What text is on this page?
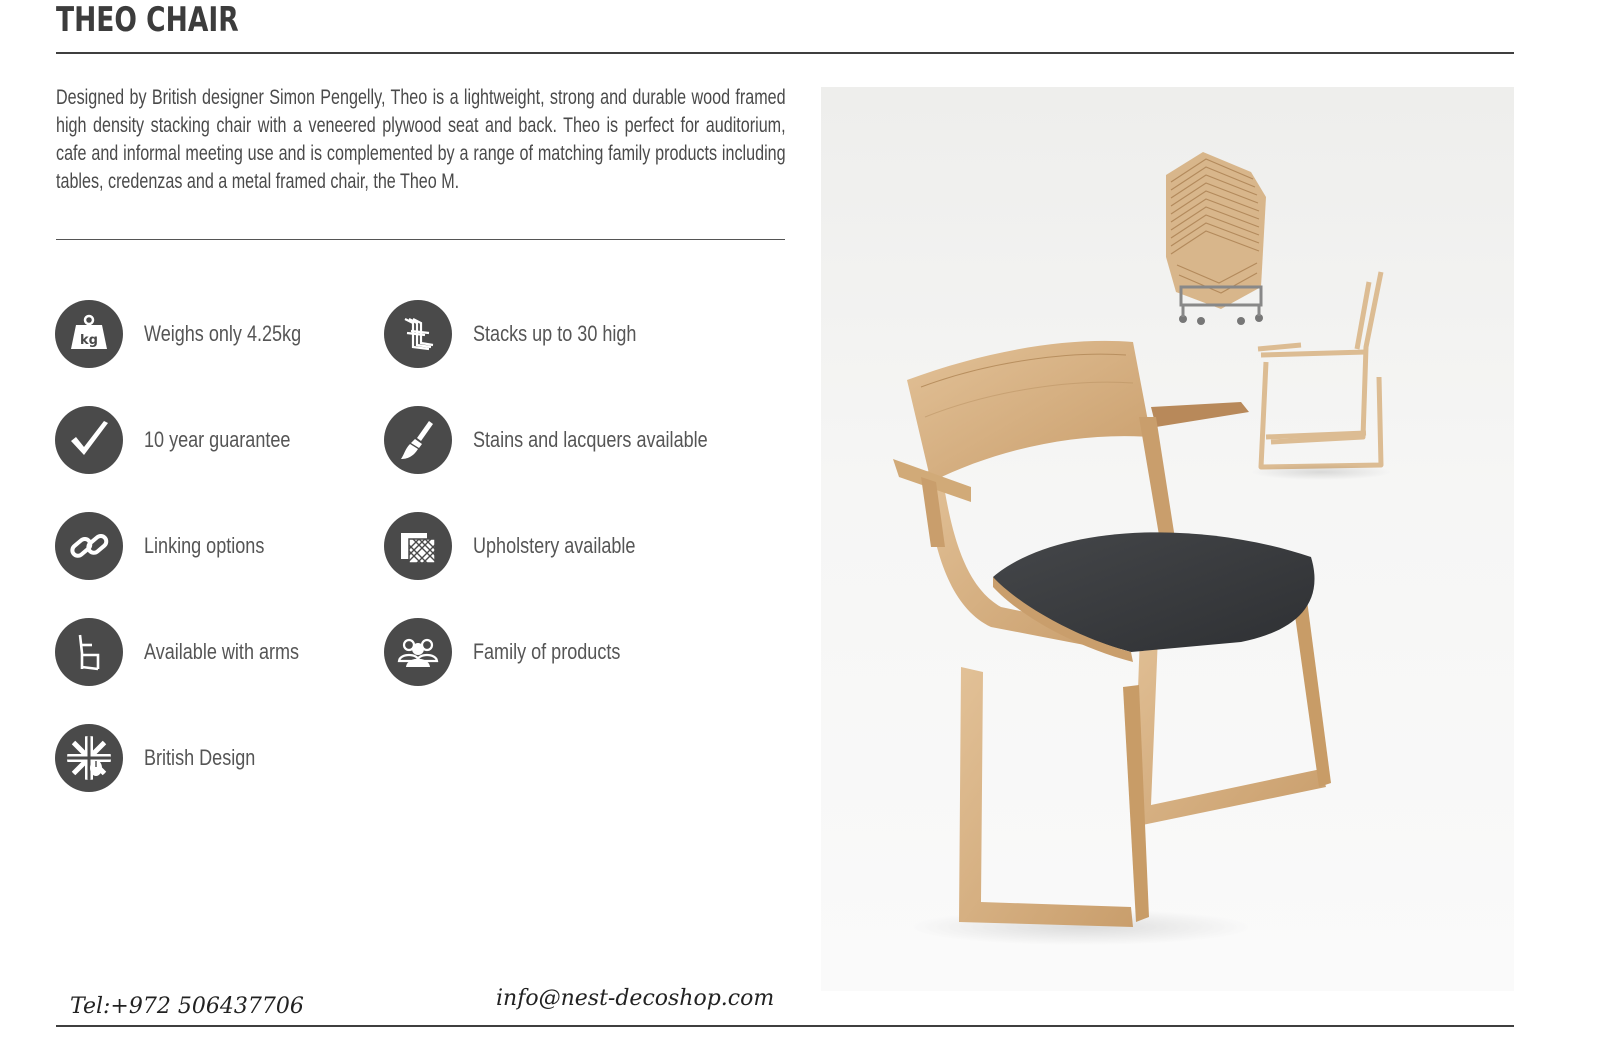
THEO CHAIR
Designed by British designer Simon Pengelly, Theo is a lightweight, strong and durable wood framed high density stacking chair with a veneered plywood seat and back. Theo is perfect for auditorium, cafe and informal meeting use and is complemented by a range of matching family products including tables, credenzas and a metal framed chair, the Theo M.
kg Weighs only 4.25kg	Stacks up to 30 high
10 year guarantee	Stains and lacquers available
Linking options	Upholstery available
Available with arms	Family of products
British Design
Tel:+972 506437706	info@nest-decoshop.com
